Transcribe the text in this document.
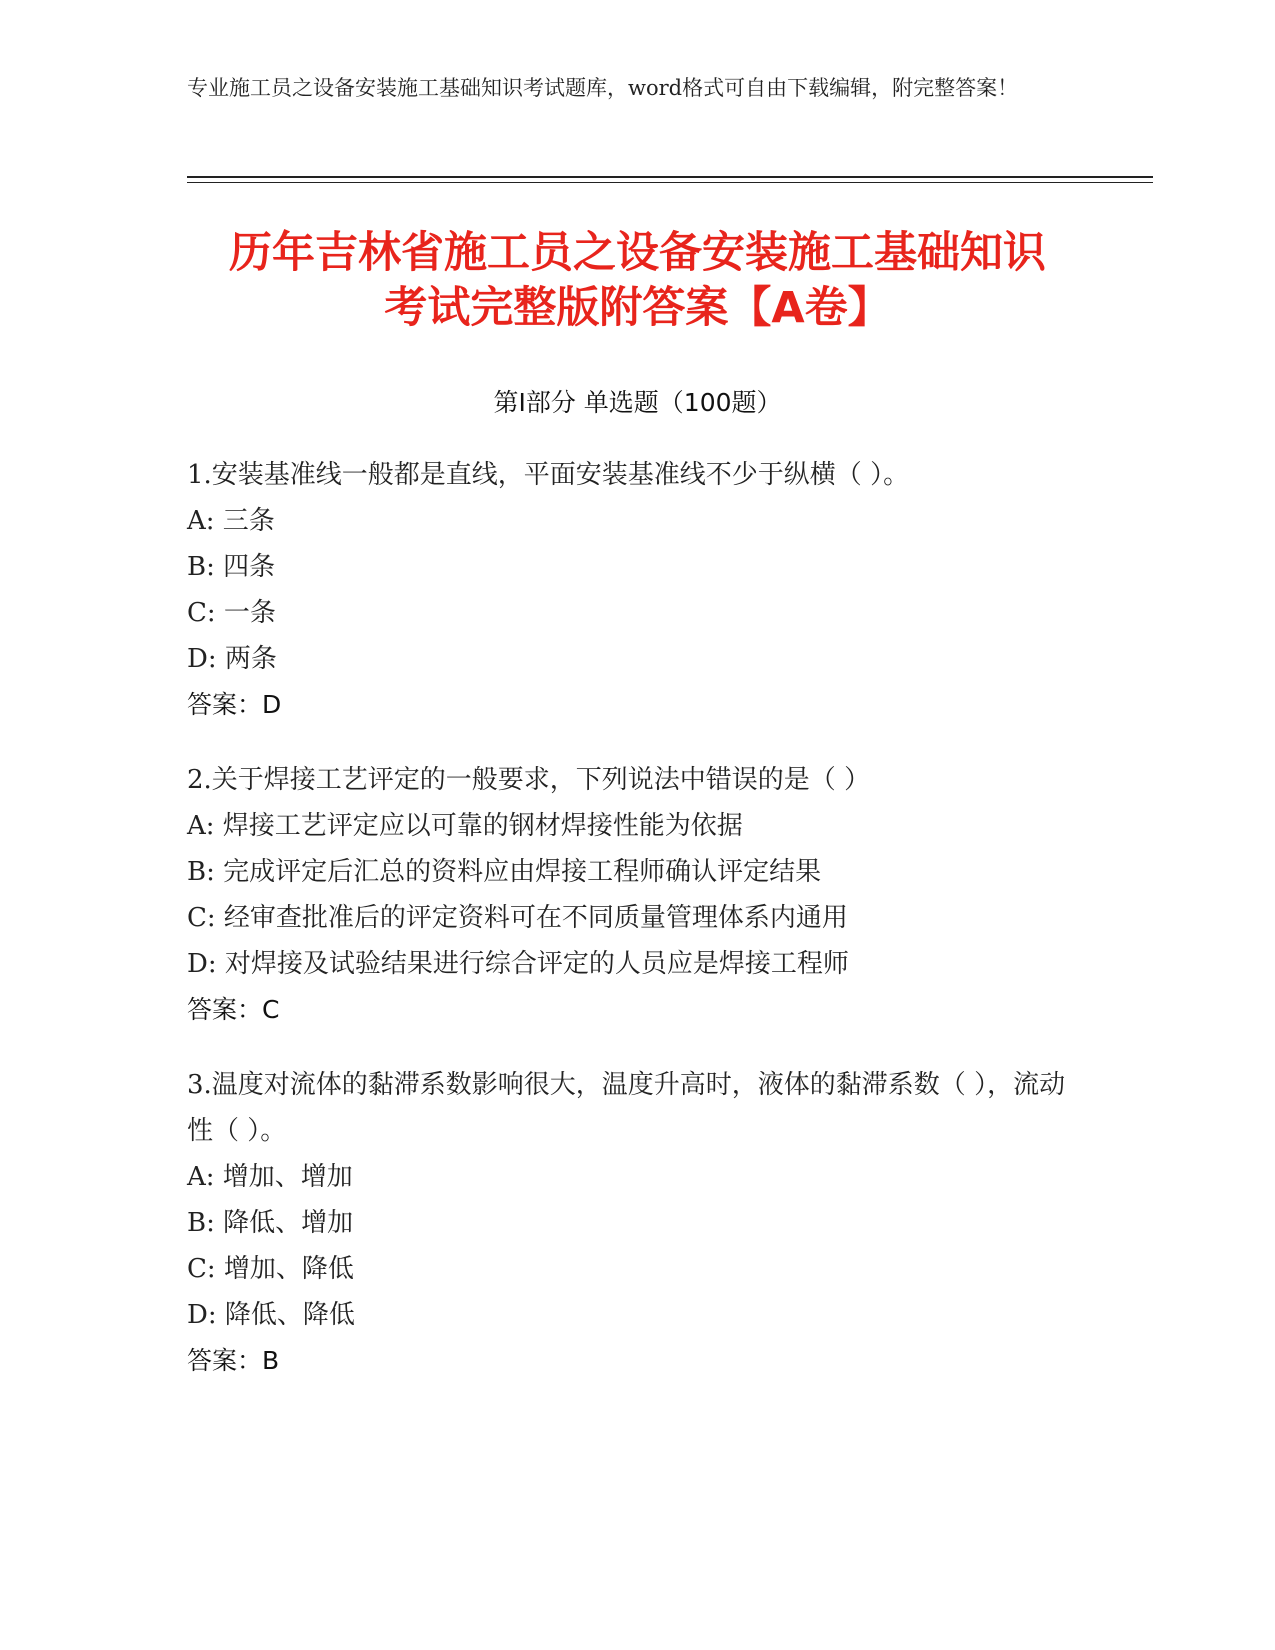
专业施工员之设备安装施工基础知识考试题库，word格式可自由下载编辑，附完整答案！
历年吉林省施工员之设备安装施工基础知识
考试完整版附答案【A卷】
第Ⅰ部分 单选题（100题）
1.安装基准线一般都是直线，平面安装基准线不少于纵横（ ）。
A: 三条
B: 四条
C: 一条
D: 两条
答案：D
2.关于焊接工艺评定的一般要求，下列说法中错误的是（ ）
A: 焊接工艺评定应以可靠的钢材焊接性能为依据
B: 完成评定后汇总的资料应由焊接工程师确认评定结果
C: 经审查批准后的评定资料可在不同质量管理体系内通用
D: 对焊接及试验结果进行综合评定的人员应是焊接工程师
答案：C
3.温度对流体的黏滞系数影响很大，温度升高时，液体的黏滞系数（ ），流动性（ ）。
A: 增加、增加
B: 降低、增加
C: 增加、降低
D: 降低、降低
答案：B
